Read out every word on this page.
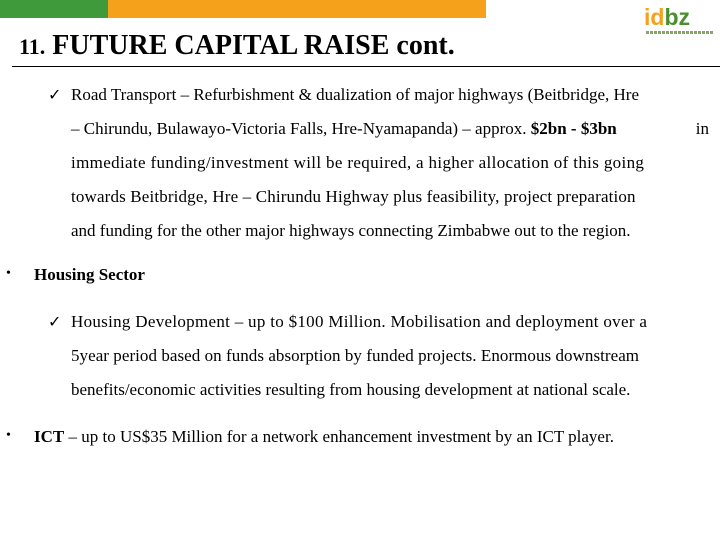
idbz
11. FUTURE CAPITAL RAISE cont.
✓ Road Transport – Refurbishment & dualization of major highways (Beitbridge, Hre
– Chirundu, Bulawayo-Victoria Falls, Hre-Nyamapanda) – approx. $2bn - $3bn	in
immediate funding/investment will be required, a higher allocation of this going
towards Beitbridge, Hre – Chirundu Highway plus feasibility, project preparation
and funding for the other major highways connecting Zimbabwe out to the region.
• Housing Sector
✓ Housing Development – up to $100 Million. Mobilisation and deployment over a
5year period based on funds absorption by funded projects. Enormous downstream
benefits/economic activities resulting from housing development at national scale.
• ICT – up to US$35 Million for a network enhancement investment by an ICT player.
